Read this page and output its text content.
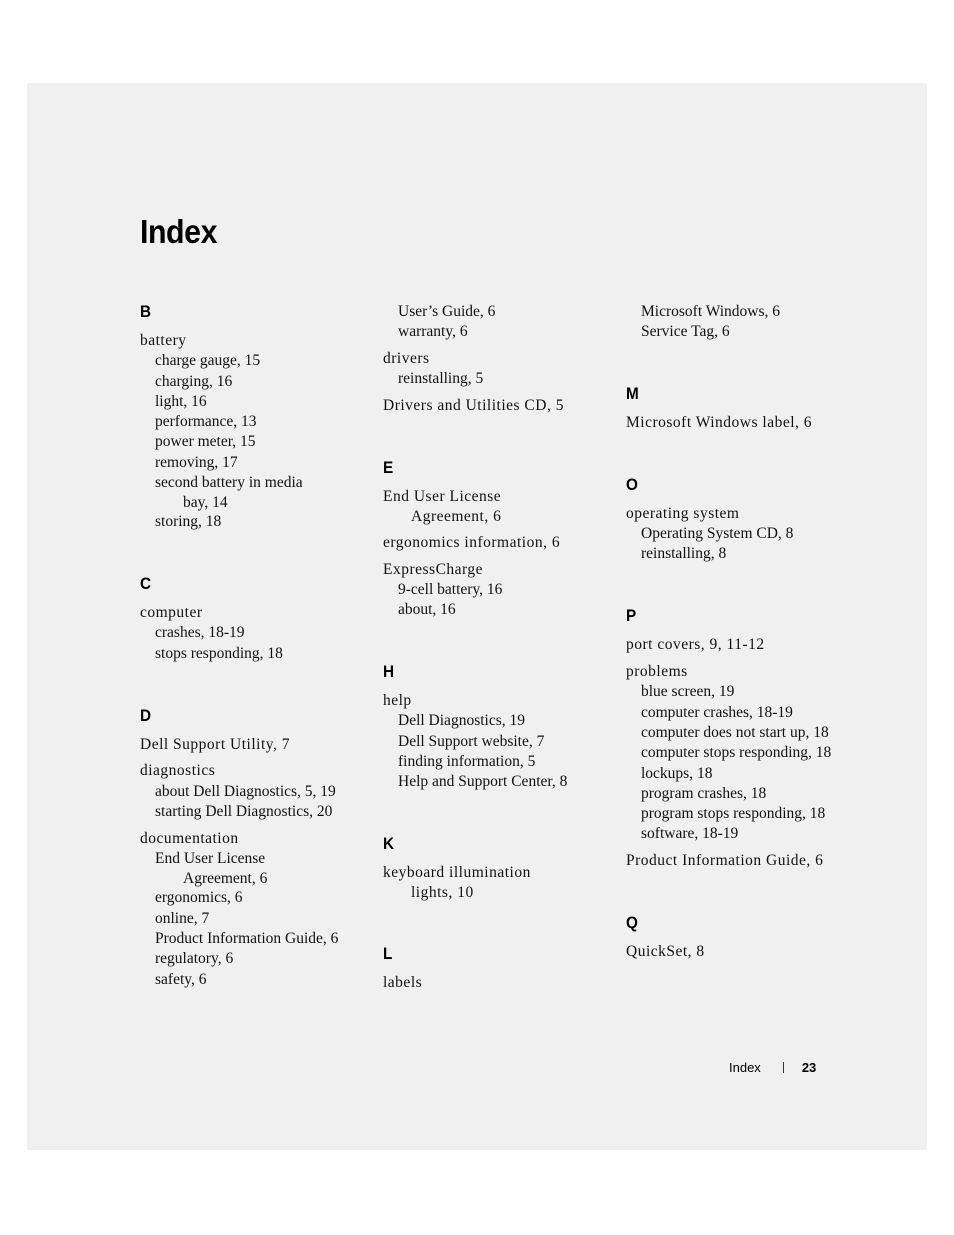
Index
B
battery
charge gauge, 15
charging, 16
light, 16
performance, 13
power meter, 15
removing, 17
second battery in media
bay, 14
storing, 18
C
computer
crashes, 18-19
stops responding, 18
D
Dell Support Utility, 7
diagnostics
about Dell Diagnostics, 5, 19
starting Dell Diagnostics, 20
documentation
End User License
Agreement, 6
ergonomics, 6
online, 7
Product Information Guide, 6
regulatory, 6
safety, 6
User’s Guide, 6
warranty, 6
drivers
reinstalling, 5
Drivers and Utilities CD, 5
E
End User License
Agreement, 6
ergonomics information, 6
ExpressCharge
9-cell battery, 16
about, 16
H
help
Dell Diagnostics, 19
Dell Support website, 7
finding information, 5
Help and Support Center, 8
K
keyboard illumination
lights, 10
L
labels
Microsoft Windows, 6
Service Tag, 6
M
Microsoft Windows label, 6
O
operating system
Operating System CD, 8
reinstalling, 8
P
port covers, 9, 11-12
problems
blue screen, 19
computer crashes, 18-19
computer does not start up, 18
computer stops responding, 18
lockups, 18
program crashes, 18
program stops responding, 18
software, 18-19
Product Information Guide, 6
Q
QuickSet, 8
Index	23
